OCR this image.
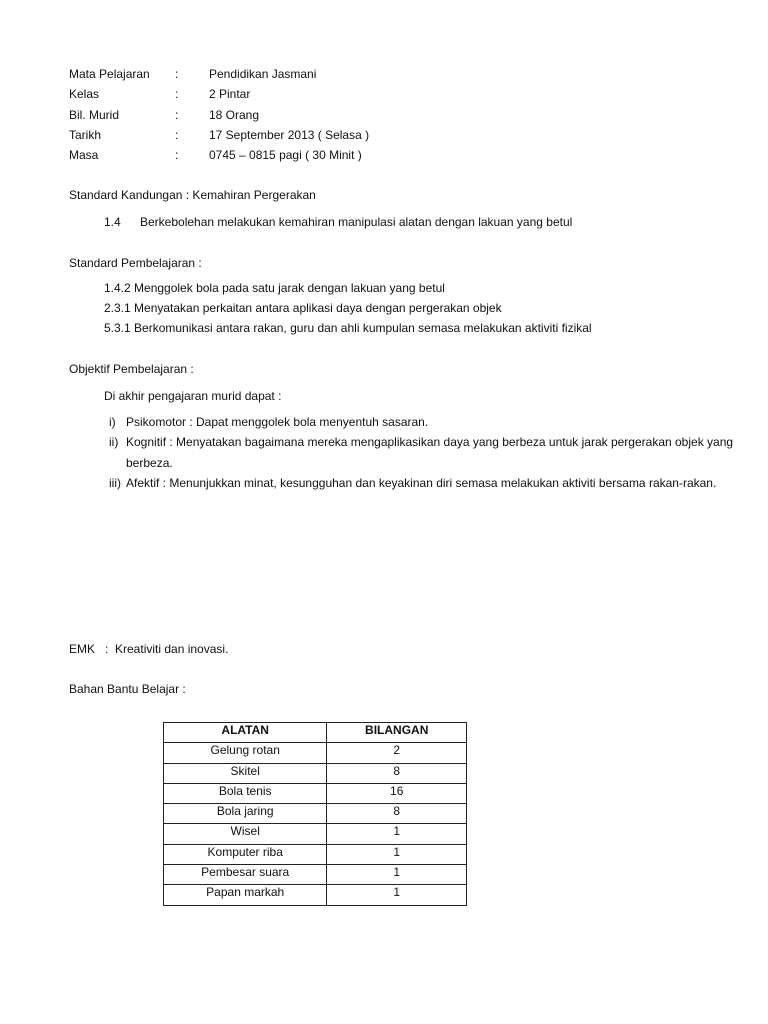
Mata Pelajaran :	Pendidikan Jasmani
Kelas	:	2 Pintar
Bil. Murid	:	18 Orang
Tarikh	:	17 September 2013 ( Selasa )
Masa	:	0745 – 0815 pagi ( 30 Minit )
Standard Kandungan : Kemahiran Pergerakan
1.4 Berkebolehan melakukan kemahiran manipulasi alatan dengan lakuan yang betul
Standard Pembelajaran :
1.4.2 Menggolek bola pada satu jarak dengan lakuan yang betul
2.3.1 Menyatakan perkaitan antara aplikasi daya dengan pergerakan objek
5.3.1 Berkomunikasi antara rakan, guru dan ahli kumpulan semasa melakukan aktiviti fizikal
Objektif Pembelajaran :
Di akhir pengajaran murid dapat :
i) Psikomotor : Dapat menggolek bola menyentuh sasaran.
ii) Kognitif : Menyatakan bagaimana mereka mengaplikasikan daya yang berbeza untuk jarak pergerakan objek yang
berbeza.
iii) Afektif : Menunjukkan minat, kesungguhan dan keyakinan diri semasa melakukan aktiviti bersama rakan-rakan.
EMK   :  Kreativiti dan inovasi.
Bahan Bantu Belajar :
ALATAN	BILANGAN
Gelung rotan	2
Skitel	8
Bola tenis	16
Bola jaring	8
Wisel	1
Komputer riba	1
Pembesar suara	1
Papan markah	1
